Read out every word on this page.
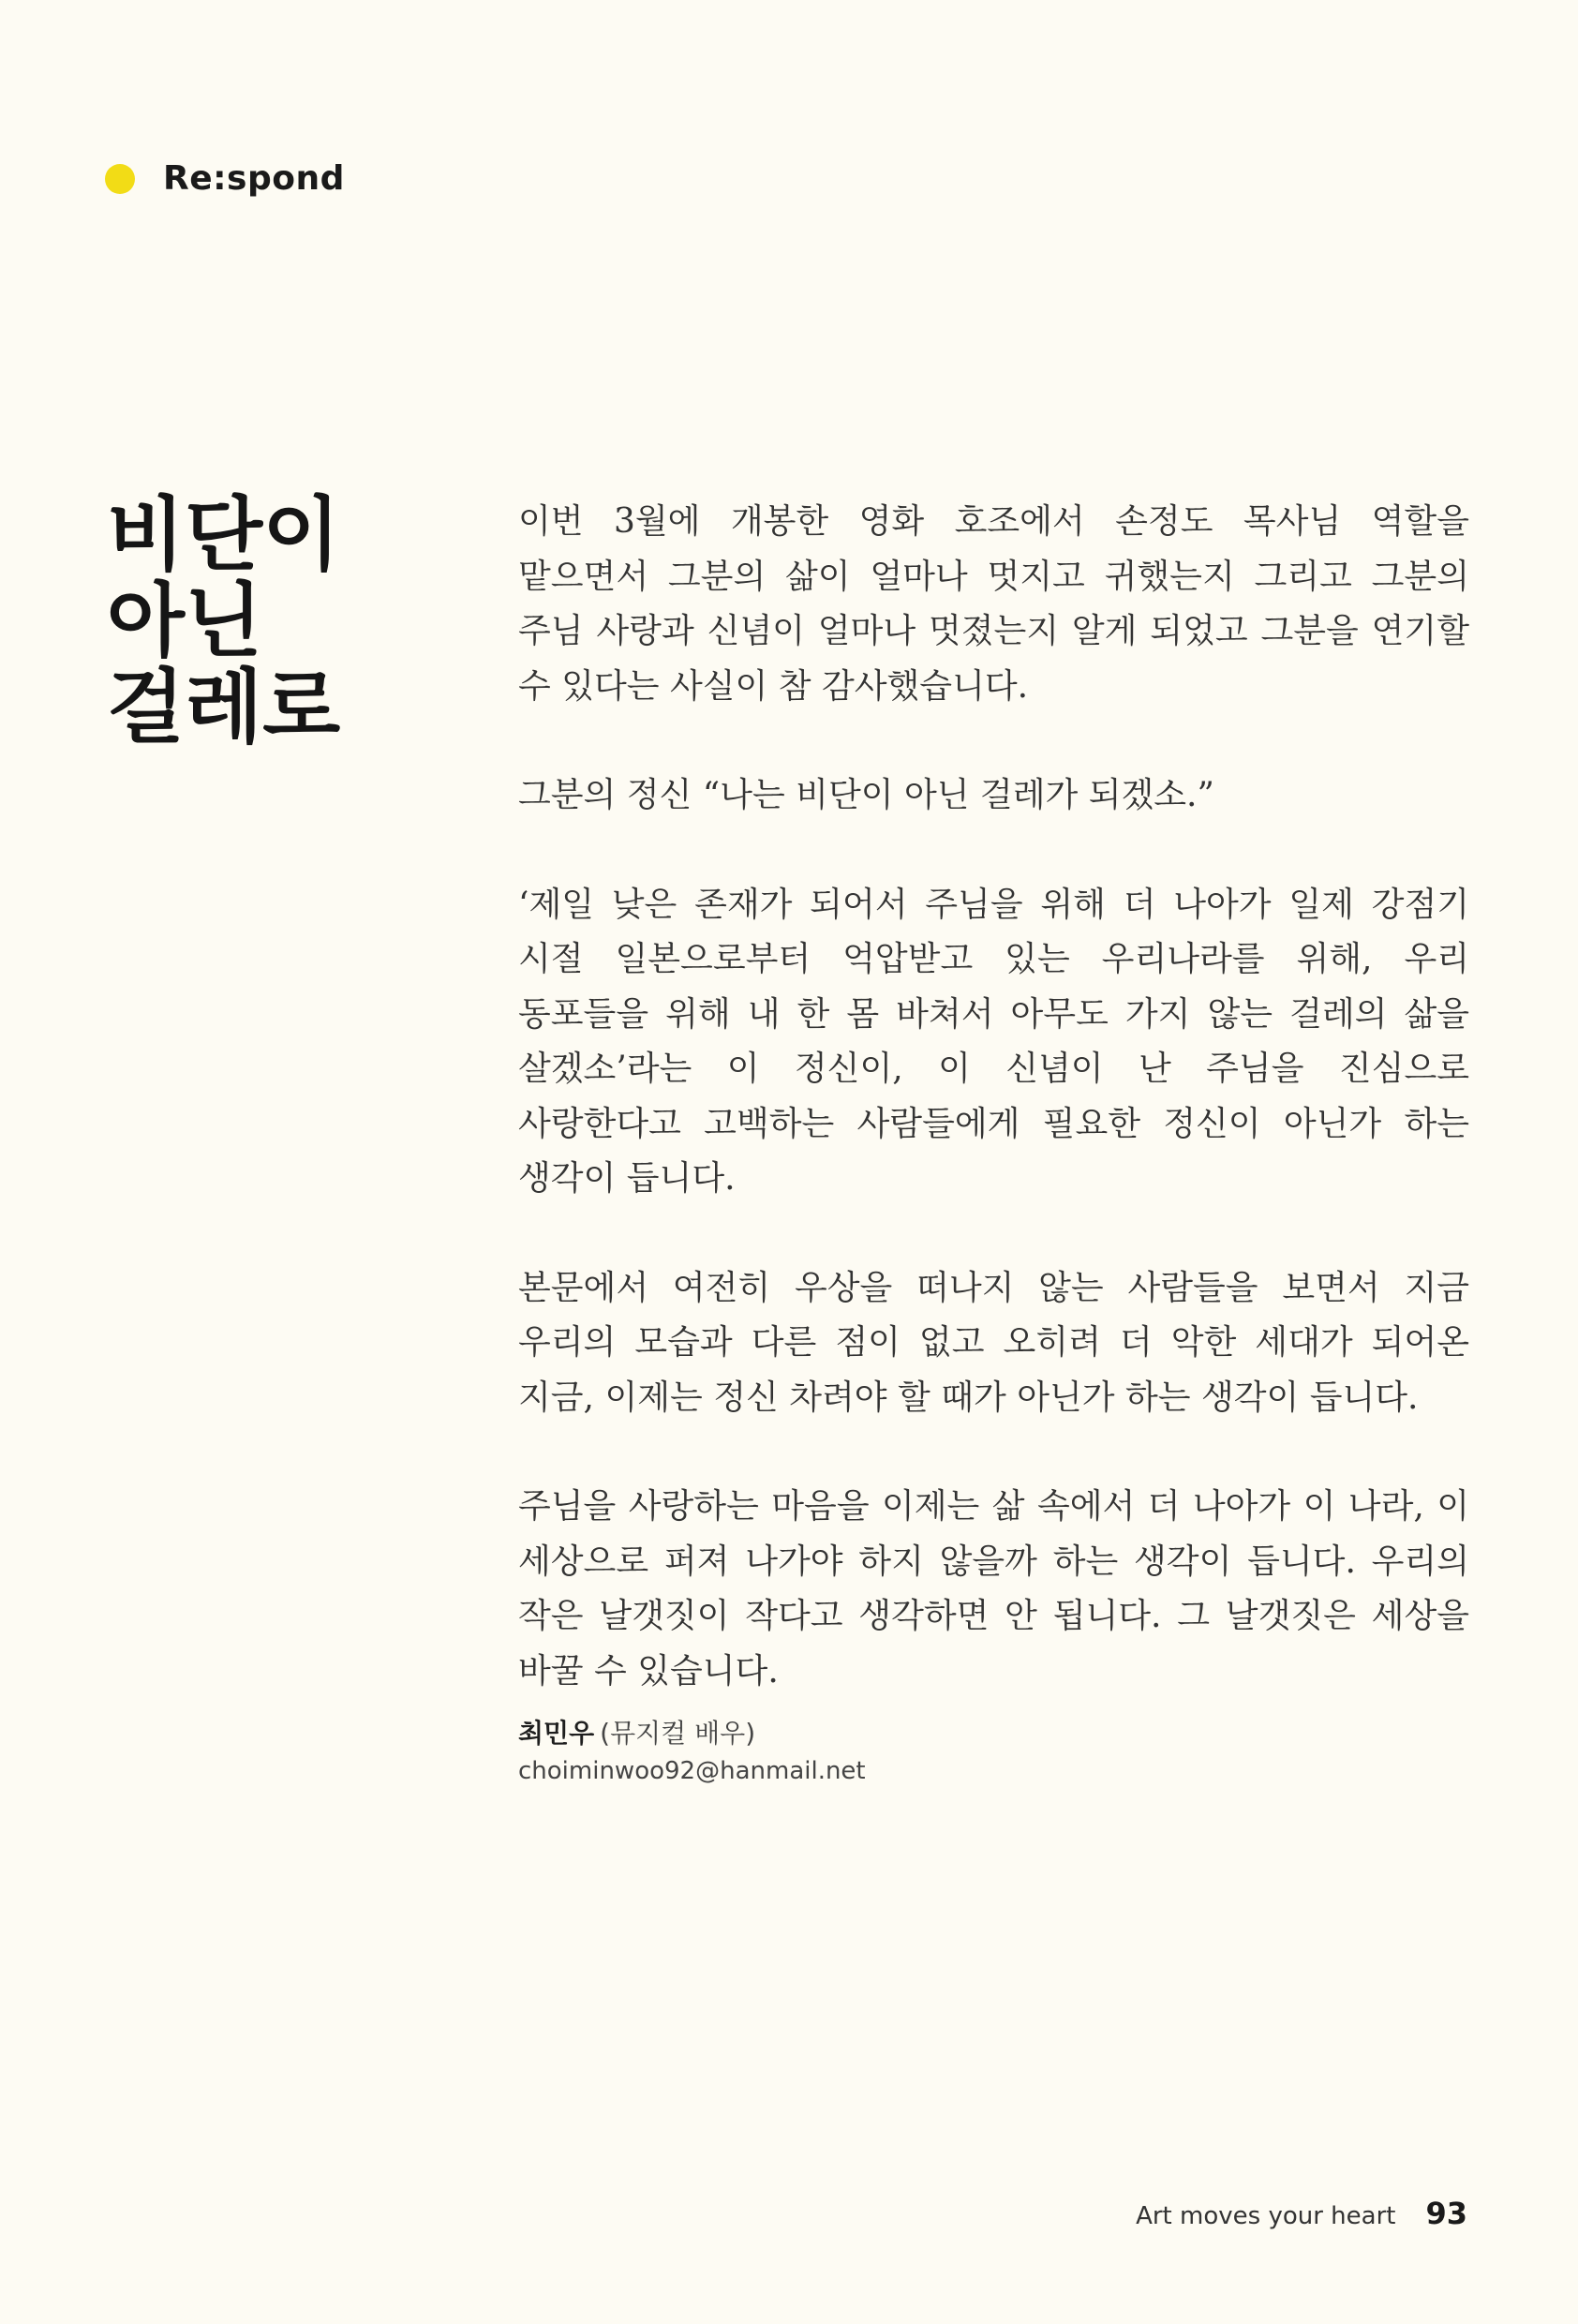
Re:spond
비단이
아닌
걸레로

이번 3월에 개봉한 영화 호조에서 손정도 목사님 역할을 맡으면서 그분의 삶이 얼마나 멋지고 귀했는지 그리고 그분의 주님 사랑과 신념이 얼마나 멋졌는지 알게 되었고 그분을 연기할 수 있다는 사실이 참 감사했습니다.

그분의 정신 “나는 비단이 아닌 걸레가 되겠소.”

‘제일 낮은 존재가 되어서 주님을 위해 더 나아가 일제 강점기 시절 일본으로부터 억압받고 있는 우리나라를 위해, 우리 동포들을 위해 내 한 몸 바쳐서 아무도 가지 않는 걸레의 삶을 살겠소’라는 이 정신이, 이 신념이 난 주님을 진심으로 사랑한다고 고백하는 사람들에게 필요한 정신이 아닌가 하는 생각이 듭니다.

본문에서 여전히 우상을 떠나지 않는 사람들을 보면서 지금 우리의 모습과 다른 점이 없고 오히려 더 악한 세대가 되어온 지금, 이제는 정신 차려야 할 때가 아닌가 하는 생각이 듭니다.

주님을 사랑하는 마음을 이제는 삶 속에서 더 나아가 이 나라, 이 세상으로 퍼져 나가야 하지 않을까 하는 생각이 듭니다. 우리의 작은 날갯짓이 작다고 생각하면 안 됩니다. 그 날갯짓은 세상을 바꿀 수 있습니다.

최민우 (뮤지컬 배우)
choiminwoo92@hanmail.net
Art moves your heart 93
